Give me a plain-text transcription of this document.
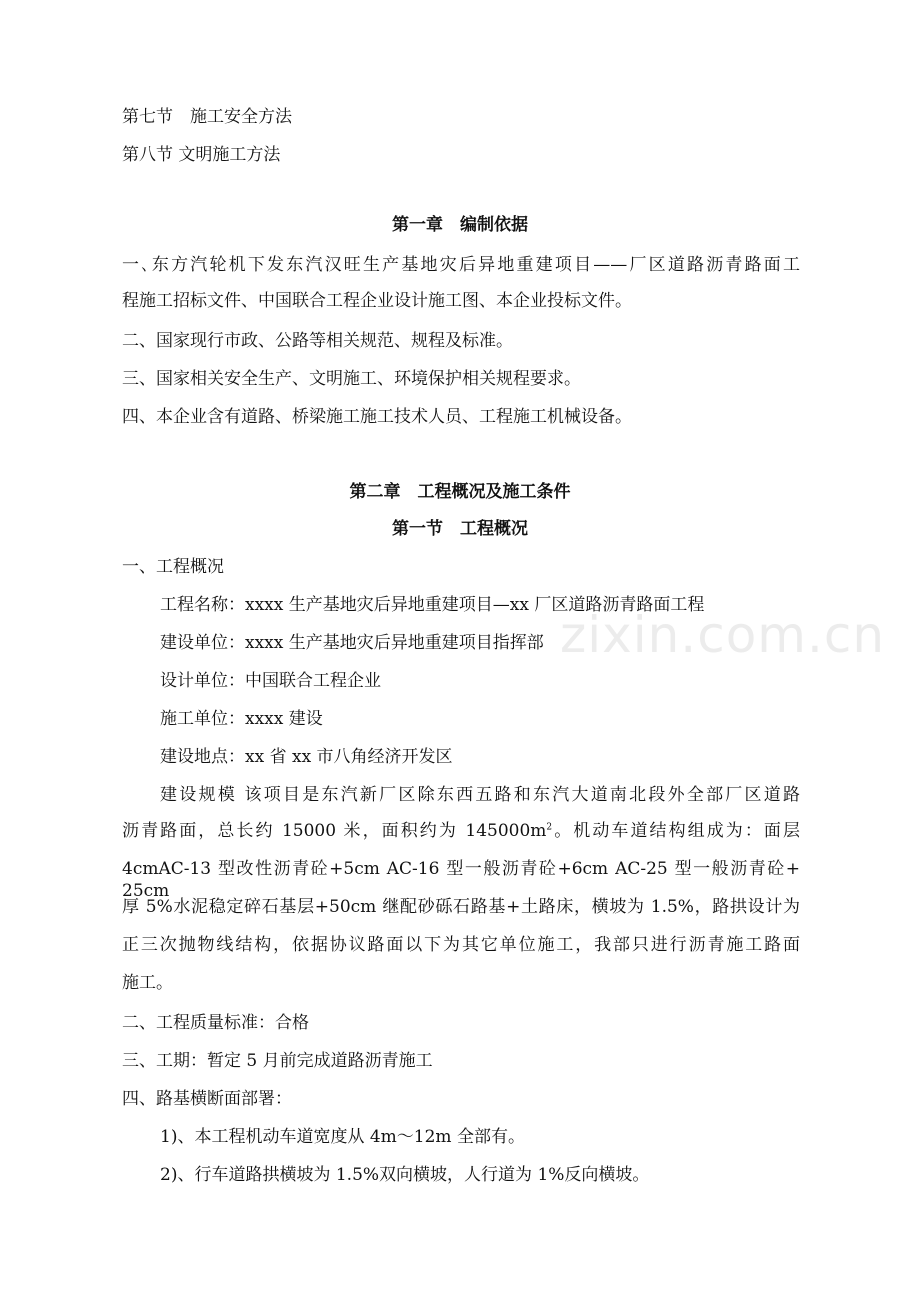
第七节　施工安全方法
第八节 文明施工方法
第一章　编制依据
一､东方汽轮机下发东汽汉旺生产基地灾后异地重建项目——厂区道路沥青路面工
程施工招标文件、中国联合工程企业设计施工图、本企业投标文件。
二、国家现行市政、公路等相关规范、规程及标准。
三、国家相关安全生产、文明施工、环境保护相关规程要求。
四、本企业含有道路、桥梁施工施工技术人员、工程施工机械设备。
第二章　工程概况及施工条件
第一节　工程概况
一、工程概况
工程名称：xxxx 生产基地灾后异地重建项目—xx 厂区道路沥青路面工程
建设单位：xxxx 生产基地灾后异地重建项目指挥部
设计单位：中国联合工程企业
施工单位：xxxx 建设
建设地点：xx 省 xx 市八角经济开发区
建设规模 该项目是东汽新厂区除东西五路和东汽大道南北段外全部厂区道路
沥青路面，总长约 15000 米，面积约为 $145000m^2$。机动车道结构组成为：面层
4cmAC-13 型改性沥青砼+5cm AC-16 型一般沥青砼+6cm AC-25 型一般沥青砼+ 25cm
厚 5%水泥稳定碎石基层+50cm 继配砂砾石路基+土路床，横坡为 1.5%，路拱设计为
正三次抛物线结构，依据协议路面以下为其它单位施工，我部只进行沥青施工路面
施工。
二、工程质量标准：合格
三、工期：暂定 5 月前完成道路沥青施工
四、路基横断面部署：
1)、本工程机动车道宽度从 4m～12m 全部有。
2)、行车道路拱横坡为 1.5%双向横坡，人行道为 1%反向横坡。
zixin.com.cn
